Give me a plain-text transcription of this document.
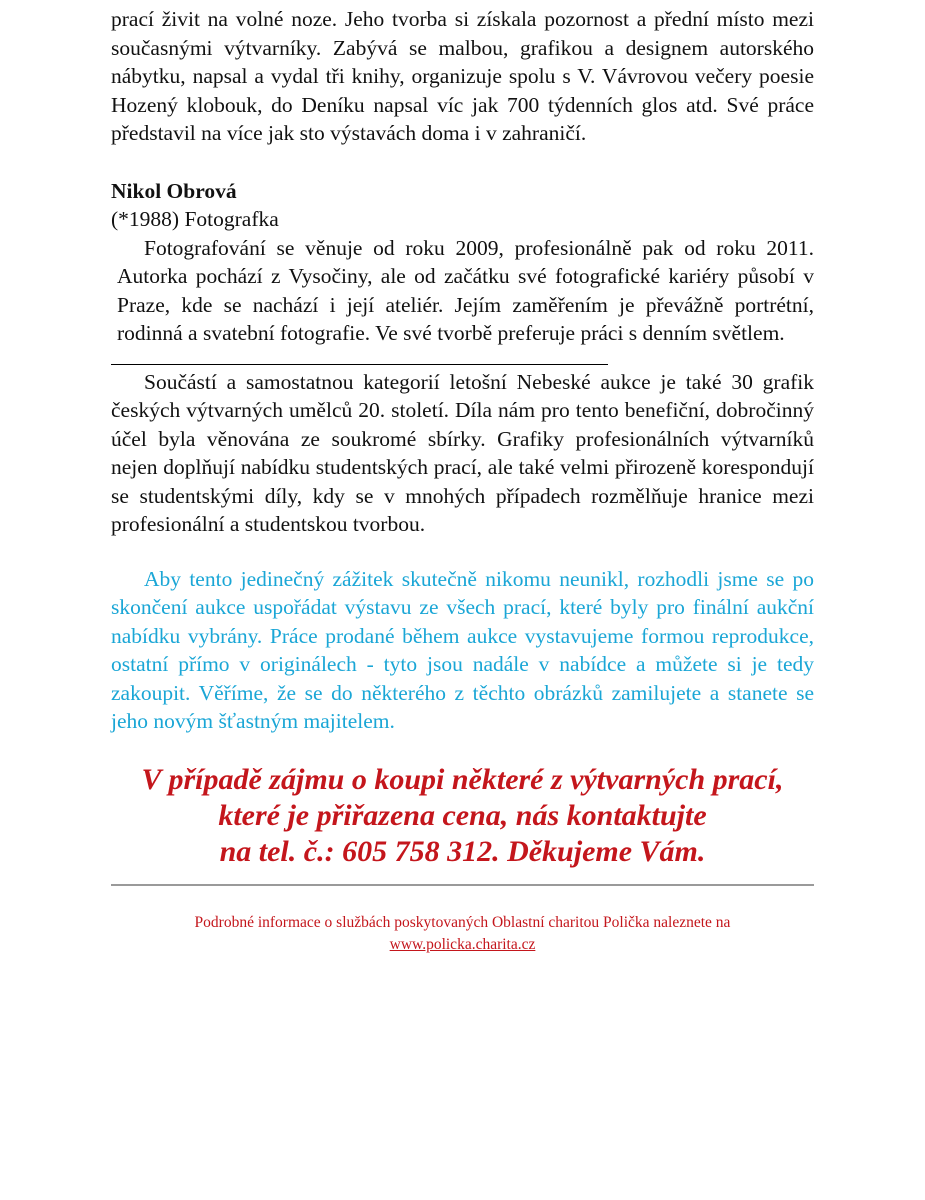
prací živit na volné noze. Jeho tvorba si získala pozornost a přední místo mezi současnými výtvarníky. Zabývá se malbou, grafikou a designem autorského nábytku, napsal a vydal tři knihy, organizuje spolu s V. Vávrovou večery poesie Hozený klobouk, do Deníku napsal víc jak 700 týdenních glos atd. Své práce představil na více jak sto výstavách doma i v zahraničí.

Nikol Obrová

(*1988) Fotografka

Fotografování se věnuje od roku 2009, profesionálně pak od roku 2011. Autorka pochází z Vysočiny, ale od začátku své fotografické kariéry působí v Praze, kde se nachází i její ateliér. Jejím zaměřením je převážně portrétní, rodinná a svatební fotografie. Ve své tvorbě preferuje práci s denním světlem.

Součástí a samostatnou kategorií letošní Nebeské aukce je také 30 grafik českých výtvarných umělců 20. století. Díla nám pro tento benefiční, dobročinný účel byla věnována ze soukromé sbírky. Grafiky profesionálních výtvarníků nejen doplňují nabídku studentských prací, ale také velmi přirozeně korespondují se studentskými díly, kdy se v mnohých případech rozmělňuje hranice mezi profesionální a studentskou tvorbou.

Aby tento jedinečný zážitek skutečně nikomu neunikl, rozhodli jsme se po skončení aukce uspořádat výstavu ze všech prací, které byly pro finální aukční nabídku vybrány. Práce prodané během aukce vystavujeme formou reprodukce, ostatní přímo v originálech - tyto jsou nadále v nabídce a můžete si je tedy zakoupit. Věříme, že se do některého z těchto obrázků zamilujete a stanete se jeho novým šťastným majitelem.

V případě zájmu o koupi některé z výtvarných prací,

které je přiřazena cena, nás kontaktujte

na tel. č.: 605 758 312. Děkujeme Vám.

Podrobné informace o službách poskytovaných Oblastní charitou Polička naleznete na

www.policka.charita.cz
